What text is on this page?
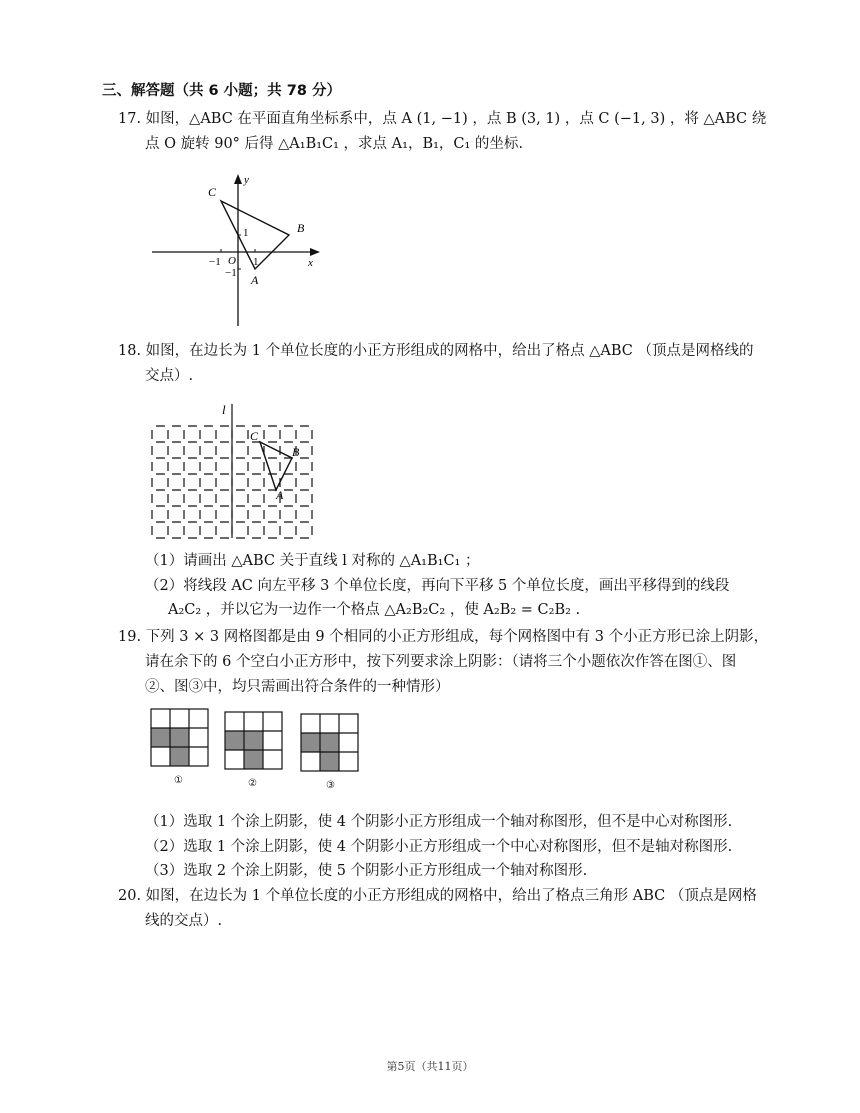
三、解答题（共 6 小题；共 78 分）
17. 如图，△ABC 在平面直角坐标系中，点 A (1, −1) ，点 B (3, 1) ，点 C (−1, 3) ，将 △ABC 绕
点 O 旋转 90° 后得 △A₁B₁C₁ ，求点 A₁，B₁，C₁ 的坐标.
C
B
A
O	x
y
1
−1	1
−1
18. 如图，在边长为 1 个单位长度的小正方形组成的网格中，给出了格点 △ABC （顶点是网格线的
交点）.
l
C
B
A
（1）请画出 △ABC 关于直线 l 对称的 △A₁B₁C₁ ；
（2）将线段 AC 向左平移 3 个单位长度，再向下平移 5 个单位长度，画出平移得到的线段
A₂C₂ ，并以它为一边作一个格点 △A₂B₂C₂ ，使 A₂B₂ = C₂B₂ .
19. 下列 3 × 3 网格图都是由 9 个相同的小正方形组成，每个网格图中有 3 个小正方形已涂上阴影，
请在余下的 6 个空白小正方形中，按下列要求涂上阴影：（请将三个小题依次作答在图①、图
②、图③中，均只需画出符合条件的一种情形）
①	②	③
（1）选取 1 个涂上阴影，使 4 个阴影小正方形组成一个轴对称图形，但不是中心对称图形.
（2）选取 1 个涂上阴影，使 4 个阴影小正方形组成一个中心对称图形，但不是轴对称图形.
（3）选取 2 个涂上阴影，使 5 个阴影小正方形组成一个轴对称图形.
20. 如图，在边长为 1 个单位长度的小正方形组成的网格中，给出了格点三角形 ABC （顶点是网格
线的交点）.
第5页（共11页）
